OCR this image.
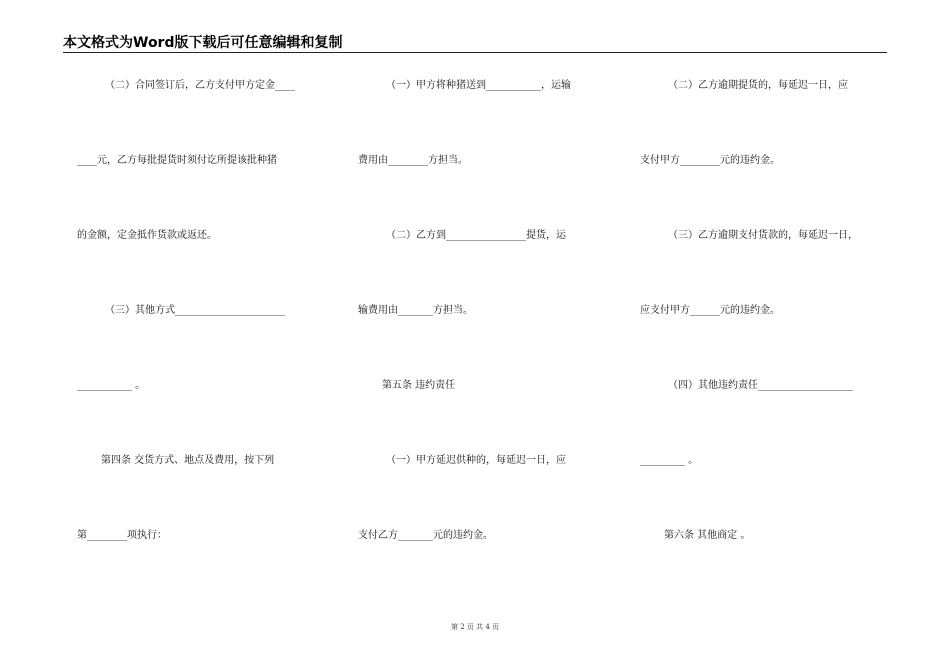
本文格式为Word版下载后可任意编辑和复制
（二）合同签订后，乙方支付甲方定金____
____元，乙方每批提货时须付讫所提该批种猪
的金额，定金抵作货款或返还。
（三）其他方式______________________
___________ 。
第四条 交货方式、地点及费用，按下列
第________项执行：
（一）甲方将种猪送到___________，运输
费用由________方担当。
（二）乙方到________________提货，运
输费用由_______方担当。
第五条 违约责任
（一）甲方延迟供种的，每延迟一日，应
支付乙方_______元的违约金。
（二）乙方逾期提货的，每延迟一日，应
支付甲方________元的违约金。
（三）乙方逾期支付货款的，每延迟一日，
应支付甲方______元的违约金。
（四）其他违约责任___________________
_________ 。
第六条 其他商定 。
第 2 页 共 4 页
